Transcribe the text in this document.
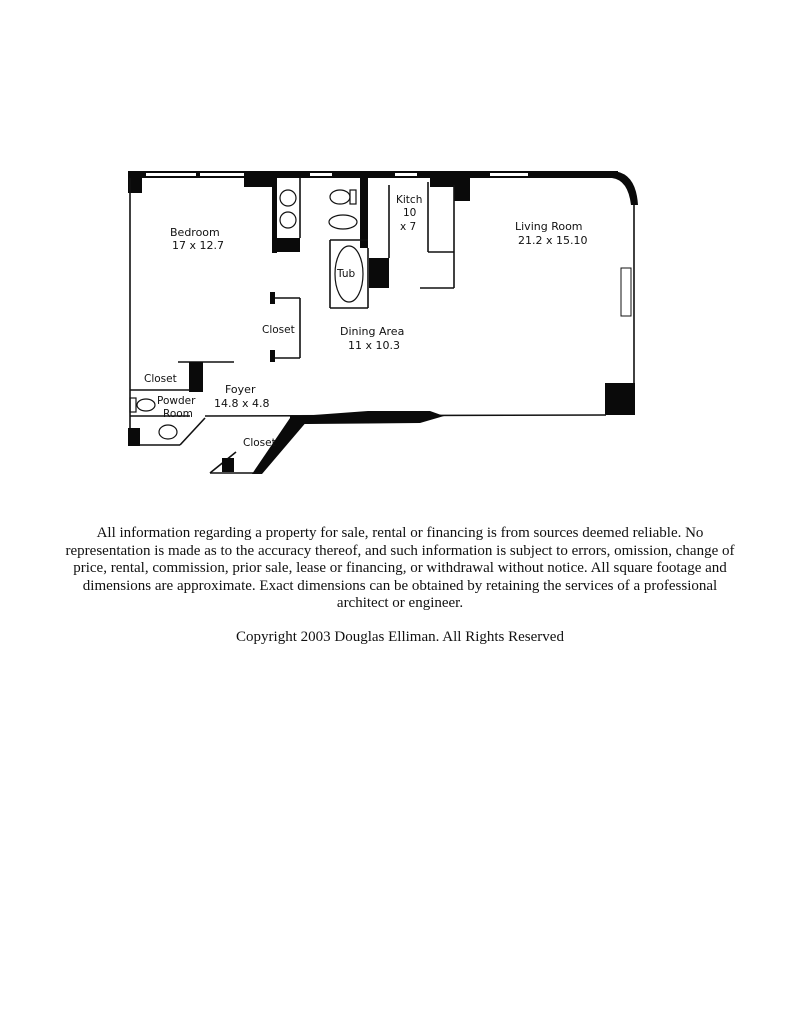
Bedroom
17 x 12.7
Kitch
10
x 7	Living Room
21.2 x 15.10
Tub
Closet	Dining Area
11 x 10.3
Closet
Foyer
14.8 x 4.8
Powder
Room
Closet

All information regarding a property for sale, rental or financing is from sources deemed reliable. No representation is made as to the accuracy thereof, and such information is subject to errors, omission, change of price, rental, commission, prior sale, lease or financing, or withdrawal without notice. All square footage and dimensions are approximate. Exact dimensions can be obtained by retaining the services of a professional architect or engineer.

Copyright 2003 Douglas Elliman. All Rights Reserved
